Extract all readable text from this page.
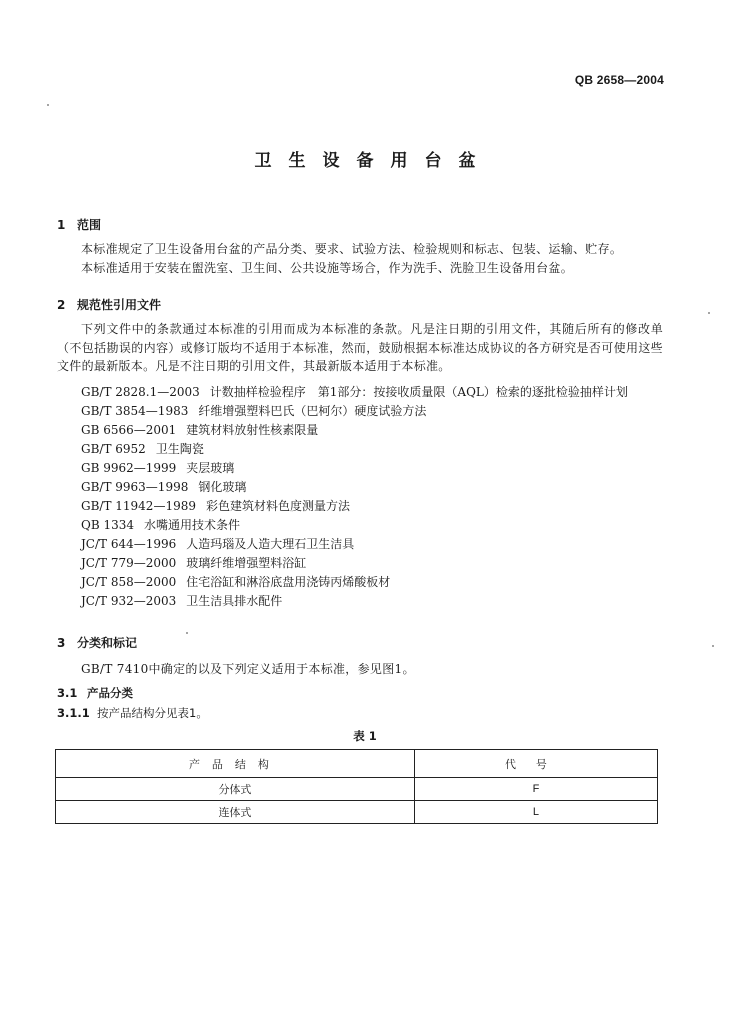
QB 2658—2004
卫生设备用台盆
1 范围

本标准规定了卫生设备用台盆的产品分类、要求、试验方法、检验规则和标志、包装、运输、贮存。

本标准适用于安装在盥洗室、卫生间、公共设施等场合，作为洗手、洗脸卫生设备用台盆。

2 规范性引用文件

下列文件中的条款通过本标准的引用而成为本标准的条款。凡是注日期的引用文件，其随后所有的修改单（不包括勘误的内容）或修订版均不适用于本标准，然而，鼓励根据本标准达成协议的各方研究是否可使用这些文件的最新版本。凡是不注日期的引用文件，其最新版本适用于本标准。

GB/T 2828.1—2003 计数抽样检验程序　第1部分：按接收质量限（AQL）检索的逐批检验抽样计划
GB/T 3854—1983 纤维增强塑料巴氏（巴柯尔）硬度试验方法
GB 6566—2001 建筑材料放射性核素限量
GB/T 6952 卫生陶瓷
GB 9962—1999 夹层玻璃
GB/T 9963—1998 钢化玻璃
GB/T 11942—1989 彩色建筑材料色度测量方法
QB 1334 水嘴通用技术条件
JC/T 644—1996 人造玛瑙及人造大理石卫生洁具
JC/T 779—2000 玻璃纤维增强塑料浴缸
JC/T 858—2000 住宅浴缸和淋浴底盘用浇铸丙烯酸板材
JC/T 932—2003 卫生洁具排水配件
3 分类和标记

GB/T 7410中确定的以及下列定义适用于本标准，参见图1。

3.1 产品分类
3.1.1 按产品结构分见表1。
表 1
产品结构	代号
分体式	F
连体式	L
